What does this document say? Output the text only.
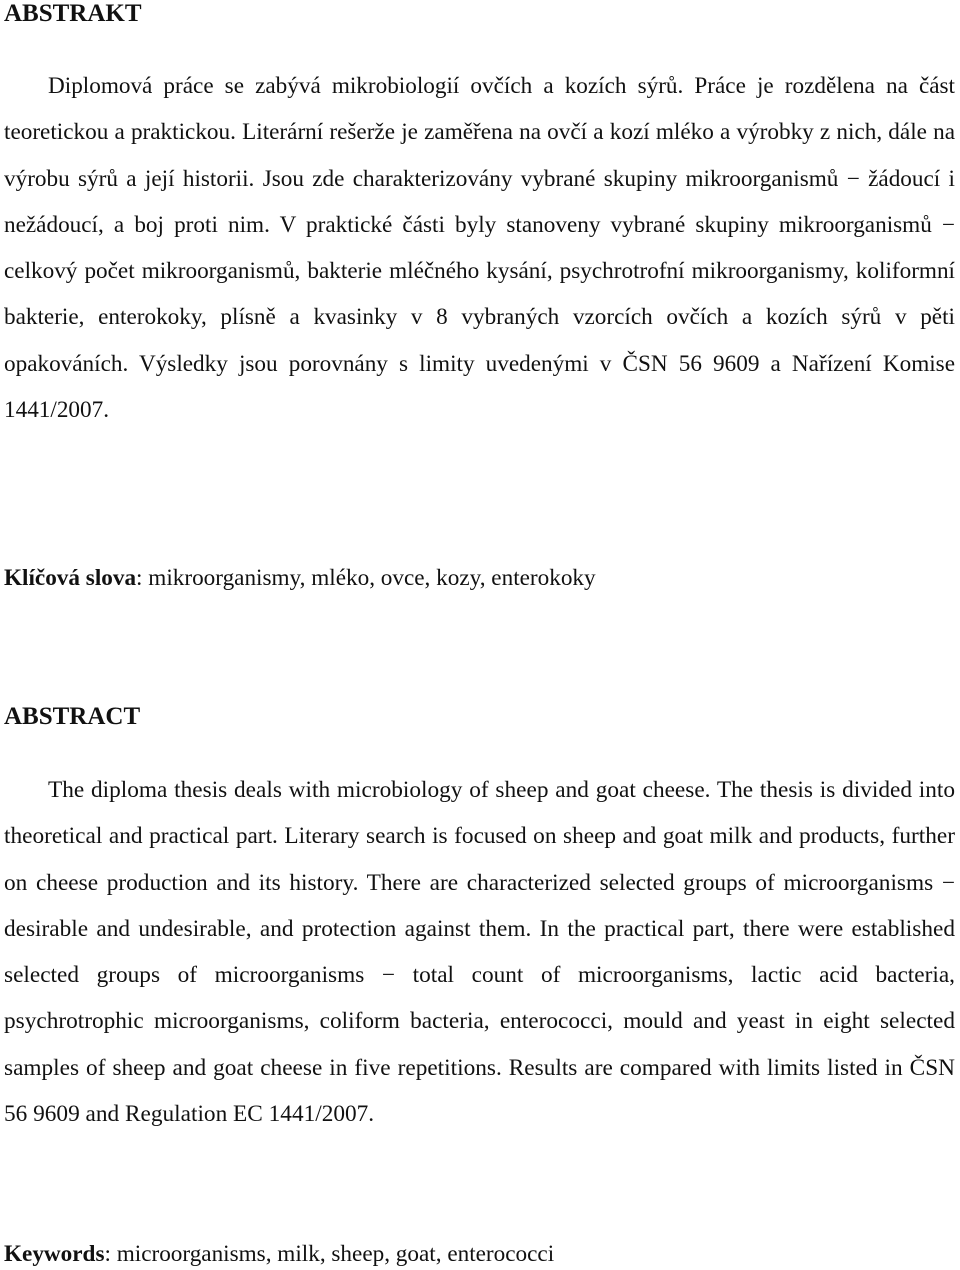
ABSTRAKT

Diplomová práce se zabývá mikrobiologií ovčích a kozích sýrů. Práce je rozdělena na část teoretickou a praktickou. Literární rešerže je zaměřena na ovčí a kozí mléko a výrobky z nich, dále na výrobu sýrů a její historii. Jsou zde charakterizovány vybrané skupiny mikroorganismů − žádoucí i nežádoucí, a boj proti nim. V praktické části byly stanoveny vybrané skupiny mikroorganismů − celkový počet mikroorganismů, bakterie mléčného kysání, psychrotrofní mikroorganismy, koliformní bakterie, enterokoky, plísně a kvasinky v 8 vybraných vzorcích ovčích a kozích sýrů v pěti opakováních. Výsledky jsou porovnány s limity uvedenými v ČSN 56 9609 a Nařízení Komise 1441/2007.

Klíčová slova: mikroorganismy, mléko, ovce, kozy, enterokoky

ABSTRACT

The diploma thesis deals with microbiology of sheep and goat cheese. The thesis is divided into theoretical and practical part. Literary search is focused on sheep and goat milk and products, further on cheese production and its history. There are characterized selected groups of microorganisms − desirable and undesirable, and protection against them. In the practical part, there were established selected groups of microorganisms − total count of microorganisms, lactic acid bacteria, psychrotrophic microorganisms, coliform bacteria, enterococci, mould and yeast in eight selected samples of sheep and goat cheese in five repetitions. Results are compared with limits listed in ČSN 56 9609 and Regulation EC 1441/2007.

Keywords: microorganisms, milk, sheep, goat, enterococci
